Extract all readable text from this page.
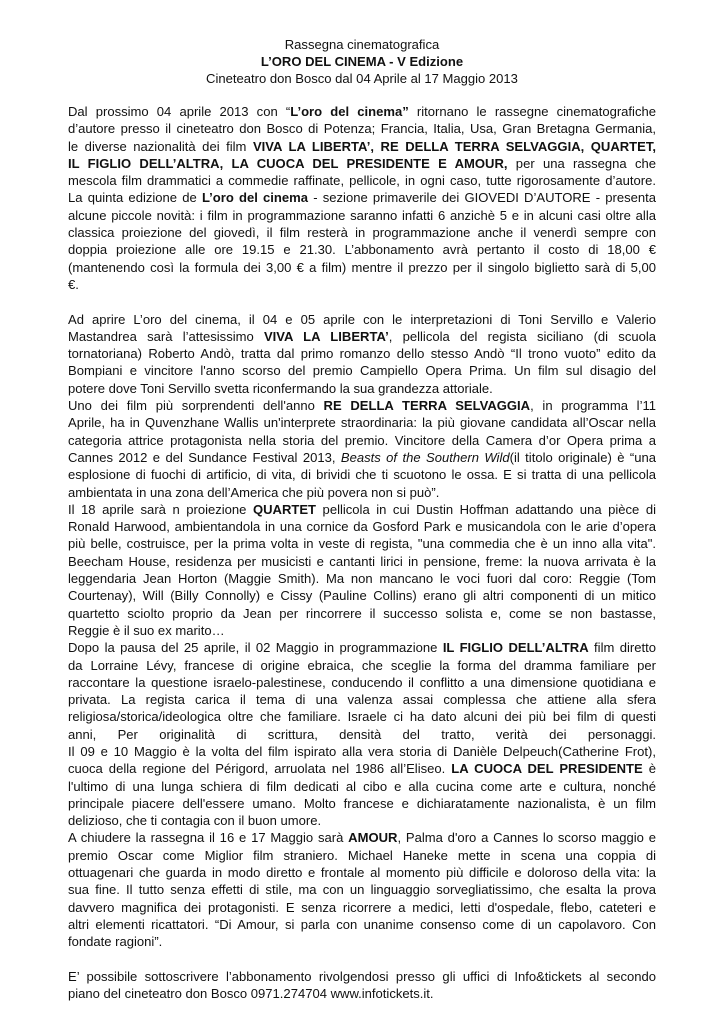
Rassegna cinematografica
L’ORO DEL CINEMA - V Edizione
Cineteatro don Bosco dal 04 Aprile al 17 Maggio 2013
Dal prossimo 04 aprile 2013 con “L’oro del cinema” ritornano le rassegne cinematografiche
d’autore presso il cineteatro don Bosco di Potenza; Francia, Italia, Usa, Gran Bretagna Germania,
le diverse nazionalità dei film VIVA LA LIBERTA’, RE DELLA TERRA SELVAGGIA, QUARTET,
IL FIGLIO DELL’ALTRA, LA CUOCA DEL PRESIDENTE E AMOUR, per una rassegna che
mescola film drammatici a commedie raffinate, pellicole, in ogni caso, tutte rigorosamente d’autore.
La quinta edizione de L’oro del cinema - sezione primaverile dei GIOVEDI D’AUTORE - presenta
alcune piccole novità: i film in programmazione saranno infatti 6 anzichè 5 e in alcuni casi oltre alla
classica proiezione del giovedì, il film resterà in programmazione anche il venerdì sempre con
doppia proiezione alle ore 19.15 e 21.30. L’abbonamento avrà pertanto il costo di 18,00 €
(mantenendo così la formula dei 3,00 € a film) mentre il prezzo per il singolo biglietto sarà di 5,00
€.
Ad aprire L’oro del cinema, il 04 e 05 aprile con le interpretazioni di Toni Servillo e Valerio
Mastandrea sarà l’attesissimo VIVA LA LIBERTA’, pellicola del regista siciliano (di scuola
tornatoriana) Roberto Andò, tratta dal primo romanzo dello stesso Andò “Il trono vuoto” edito da
Bompiani e vincitore l'anno scorso del premio Campiello Opera Prima. Un film sul disagio del
potere dove Toni Servillo svetta riconfermando la sua grandezza attoriale.
Uno dei film più sorprendenti dell'anno RE DELLA TERRA SELVAGGIA, in programma l’11
Aprile, ha in Quvenzhane Wallis un'interprete straordinaria: la più giovane candidata all’Oscar nella
categoria attrice protagonista nella storia del premio. Vincitore della Camera d’or Opera prima a
Cannes 2012 e del Sundance Festival 2013, Beasts of the Southern Wild(il titolo originale) è “una
esplosione di fuochi di artificio, di vita, di brividi che ti scuotono le ossa. E si tratta di una pellicola
ambientata in una zona dell’America che più povera non si può”.
Il 18 aprile sarà n proiezione QUARTET pellicola in cui Dustin Hoffman adattando una pièce di
Ronald Harwood, ambientandola in una cornice da Gosford Park e musicandola con le arie d’opera
più belle, costruisce, per la prima volta in veste di regista, "una commedia che è un inno alla vita".
Beecham House, residenza per musicisti e cantanti lirici in pensione, freme: la nuova arrivata è la
leggendaria Jean Horton (Maggie Smith). Ma non mancano le voci fuori dal coro: Reggie (Tom
Courtenay), Will (Billy Connolly) e Cissy (Pauline Collins) erano gli altri componenti di un mitico
quartetto sciolto proprio da Jean per rincorrere il successo solista e, come se non bastasse,
Reggie è il suo ex marito…
Dopo la pausa del 25 aprile, il 02 Maggio in programmazione IL FIGLIO DELL’ALTRA film diretto
da Lorraine Lévy, francese di origine ebraica, che sceglie la forma del dramma familiare per
raccontare la questione israelo-palestinese, conducendo il conflitto a una dimensione quotidiana e
privata. La regista carica il tema di una valenza assai complessa che attiene alla sfera
religiosa/storica/ideologica oltre che familiare. Israele ci ha dato alcuni dei più bei film di questi
anni, Per originalità di scrittura, densità del tratto, verità dei personaggi.
Il 09 e 10 Maggio è la volta del film ispirato alla vera storia di Danièle Delpeuch(Catherine Frot),
cuoca della regione del Périgord, arruolata nel 1986 all’Eliseo. LA CUOCA DEL PRESIDENTE è
l'ultimo di una lunga schiera di film dedicati al cibo e alla cucina come arte e cultura, nonché
principale piacere dell'essere umano. Molto francese e dichiaratamente nazionalista, è un film
delizioso, che ti contagia con il buon umore.
A chiudere la rassegna il 16 e 17 Maggio sarà AMOUR, Palma d'oro a Cannes lo scorso maggio e
premio Oscar come Miglior film straniero. Michael Haneke mette in scena una coppia di
ottuagenari che guarda in modo diretto e frontale al momento più difficile e doloroso della vita: la
sua fine. Il tutto senza effetti di stile, ma con un linguaggio sorvegliatissimo, che esalta la prova
davvero magnifica dei protagonisti. E senza ricorrere a medici, letti d'ospedale, flebo, cateteri e
altri elementi ricattatori. “Di Amour, si parla con unanime consenso come di un capolavoro. Con
fondate ragioni”.
E’ possibile sottoscrivere l’abbonamento rivolgendosi presso gli uffici di Info&tickets al secondo
piano del cineteatro don Bosco 0971.274704 www.infotickets.it.
